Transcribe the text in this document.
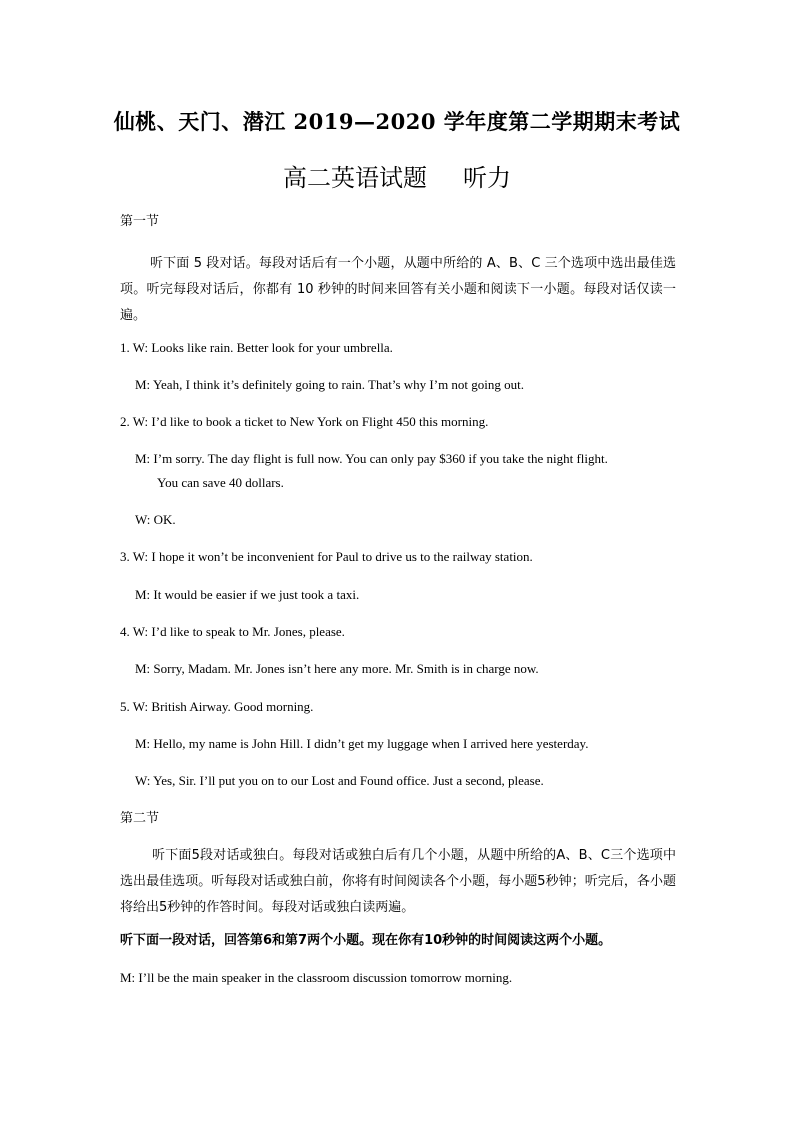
仙桃、天门、潜江 2019—2020 学年度第二学期期末考试
高二英语试题 听力
第一节
听下面 5 段对话。每段对话后有一个小题，从题中所给的 A、B、C 三个选项中选出最佳选项。听完每段对话后，你都有 10 秒钟的时间来回答有关小题和阅读下一小题。每段对话仅读一遍。
1. W: Looks like rain. Better look for your umbrella.
M: Yeah, I think it’s definitely going to rain. That’s why I’m not going out.
2. W: I’d like to book a ticket to New York on Flight 450 this morning.
M: I’m sorry. The day flight is full now. You can only pay $360 if you take the night flight.
You can save 40 dollars.
W: OK.
3. W: I hope it won’t be inconvenient for Paul to drive us to the railway station.
M: It would be easier if we just took a taxi.
4. W: I’d like to speak to Mr. Jones, please.
M: Sorry, Madam. Mr. Jones isn’t here any more. Mr. Smith is in charge now.
5. W: British Airway. Good morning.
M: Hello, my name is John Hill. I didn’t get my luggage when I arrived here yesterday.
W: Yes, Sir. I’ll put you on to our Lost and Found office. Just a second, please.
第二节
听下面5段对话或独白。每段对话或独白后有几个小题，从题中所给的A、B、C三个选项中选出最佳选项。听每段对话或独白前，你将有时间阅读各个小题，每小题5秒钟；听完后，各小题将给出5秒钟的作答时间。每段对话或独白读两遍。
听下面一段对话，回答第6和第7两个小题。现在你有10秒钟的时间阅读这两个小题。
M: I’ll be the main speaker in the classroom discussion tomorrow morning.
